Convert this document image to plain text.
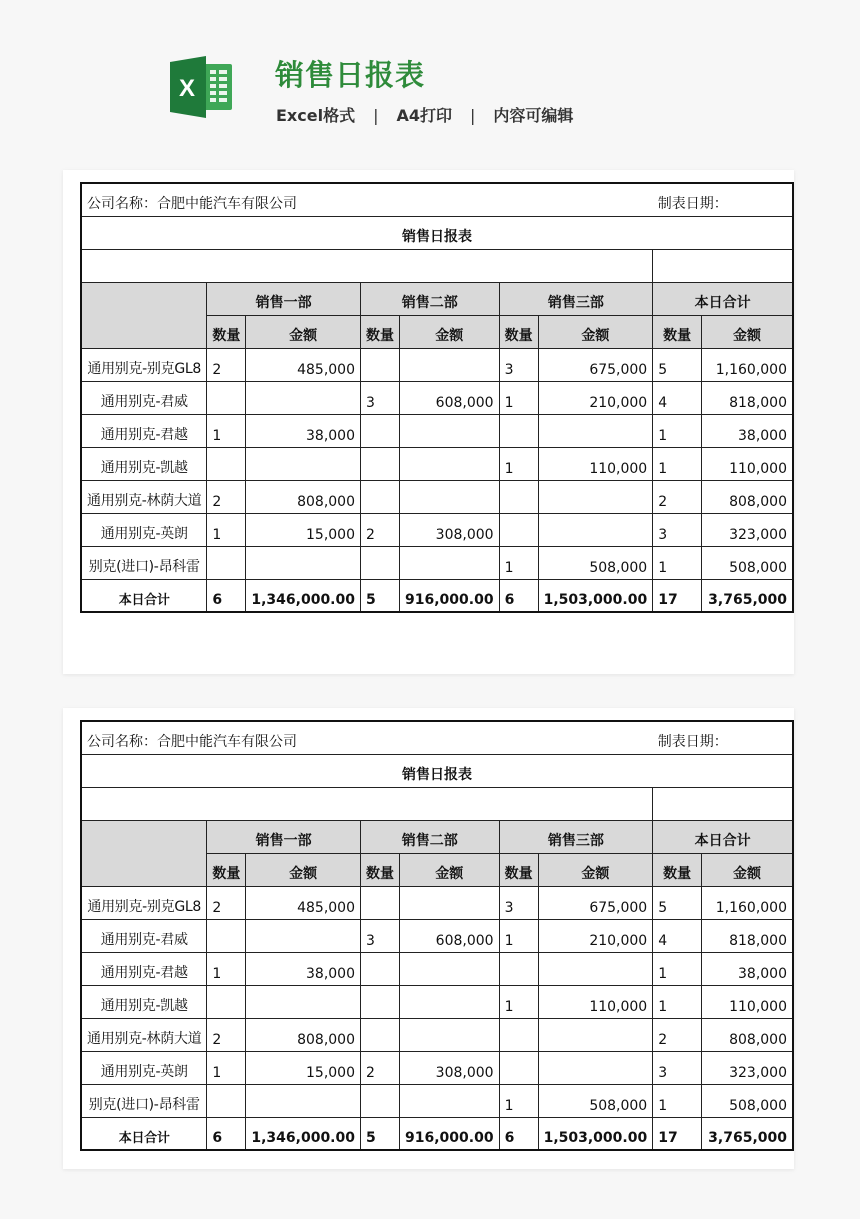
X	销售日报表
Excel格式 | A4打印 | 内容可编辑
公司名称：合肥中能汽车有限公司							制表日期：	
销售日报表								

	销售一部		销售二部		销售三部		本日合计	
	数量	金额	数量	金额	数量	金额	数量	金额
通用别克-别克GL8	2	485,000			3	675,000	5	1,160,000
通用别克-君威			3	608,000	1	210,000	4	818,000
通用别克-君越	1	38,000					1	38,000
通用别克-凯越					1	110,000	1	110,000
通用别克-林荫大道	2	808,000					2	808,000
通用别克-英朗	1	15,000	2	308,000			3	323,000
别克(进口)-昂科雷					1	508,000	1	508,000
本日合计	6	1,346,000.00	5	916,000.00	6	1,503,000.00	17	3,765,000
公司名称：合肥中能汽车有限公司							制表日期：	
销售日报表								

	销售一部		销售二部		销售三部		本日合计	
	数量	金额	数量	金额	数量	金额	数量	金额
通用别克-别克GL8	2	485,000			3	675,000	5	1,160,000
通用别克-君威			3	608,000	1	210,000	4	818,000
通用别克-君越	1	38,000					1	38,000
通用别克-凯越					1	110,000	1	110,000
通用别克-林荫大道	2	808,000					2	808,000
通用别克-英朗	1	15,000	2	308,000			3	323,000
别克(进口)-昂科雷					1	508,000	1	508,000
本日合计	6	1,346,000.00	5	916,000.00	6	1,503,000.00	17	3,765,000
